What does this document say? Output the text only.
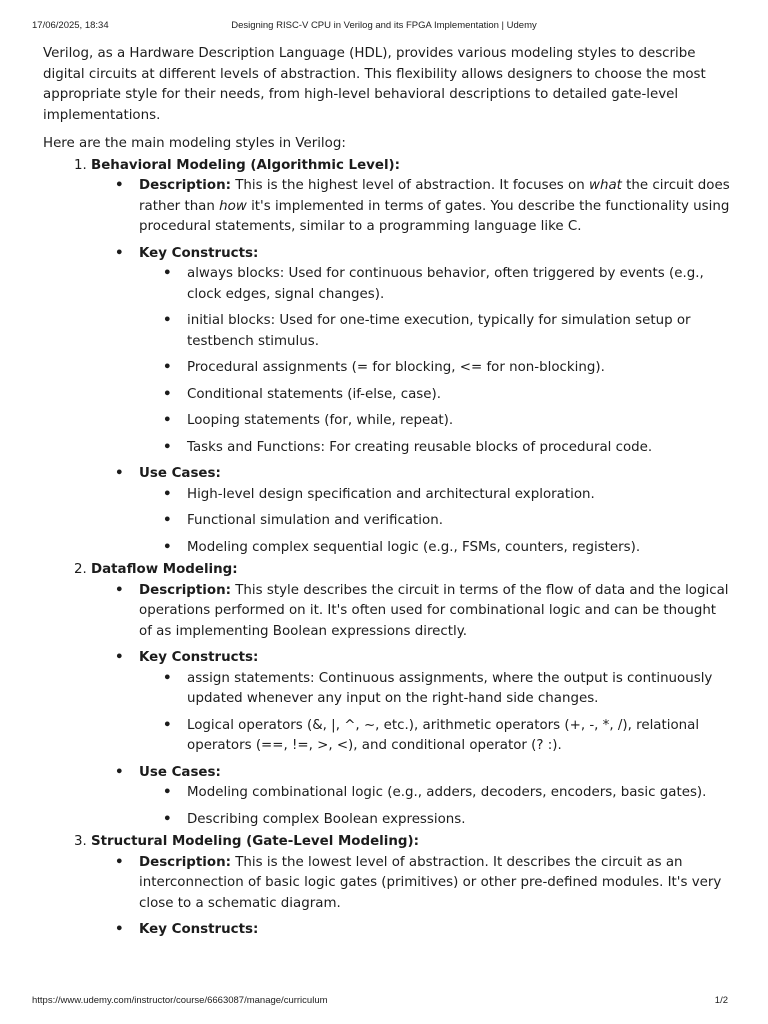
17/06/2025, 18:34	Designing RISC-V CPU in Verilog and its FPGA Implementation | Udemy

Verilog, as a Hardware Description Language (HDL), provides various modeling styles to describe digital circuits at different levels of abstraction. This flexibility allows designers to choose the most appropriate style for their needs, from high-level behavioral descriptions to detailed gate-level implementations.

Here are the main modeling styles in Verilog:
1. Behavioral Modeling (Algorithmic Level):
• Description: This is the highest level of abstraction. It focuses on what the circuit does rather than how it's implemented in terms of gates. You describe the functionality using procedural statements, similar to a programming language like C.
• Key Constructs:
• always blocks: Used for continuous behavior, often triggered by events (e.g., clock edges, signal changes).
• initial blocks: Used for one-time execution, typically for simulation setup or testbench stimulus.
• Procedural assignments (= for blocking, <= for non-blocking).
• Conditional statements (if-else, case).
• Looping statements (for, while, repeat).
• Tasks and Functions: For creating reusable blocks of procedural code.
• Use Cases:
• High-level design specification and architectural exploration.
• Functional simulation and verification.
• Modeling complex sequential logic (e.g., FSMs, counters, registers).
2. Dataflow Modeling:
• Description: This style describes the circuit in terms of the flow of data and the logical operations performed on it. It's often used for combinational logic and can be thought of as implementing Boolean expressions directly.
• Key Constructs:
• assign statements: Continuous assignments, where the output is continuously updated whenever any input on the right-hand side changes.
• Logical operators (&, |, ^, ~, etc.), arithmetic operators (+, -, *, /), relational operators (==, !=, >, <), and conditional operator (? :).
• Use Cases:
• Modeling combinational logic (e.g., adders, decoders, encoders, basic gates).
• Describing complex Boolean expressions.
3. Structural Modeling (Gate-Level Modeling):
• Description: This is the lowest level of abstraction. It describes the circuit as an interconnection of basic logic gates (primitives) or other pre-defined modules. It's very close to a schematic diagram.
• Key Constructs:
https://www.udemy.com/instructor/course/6663087/manage/curriculum	1/2
